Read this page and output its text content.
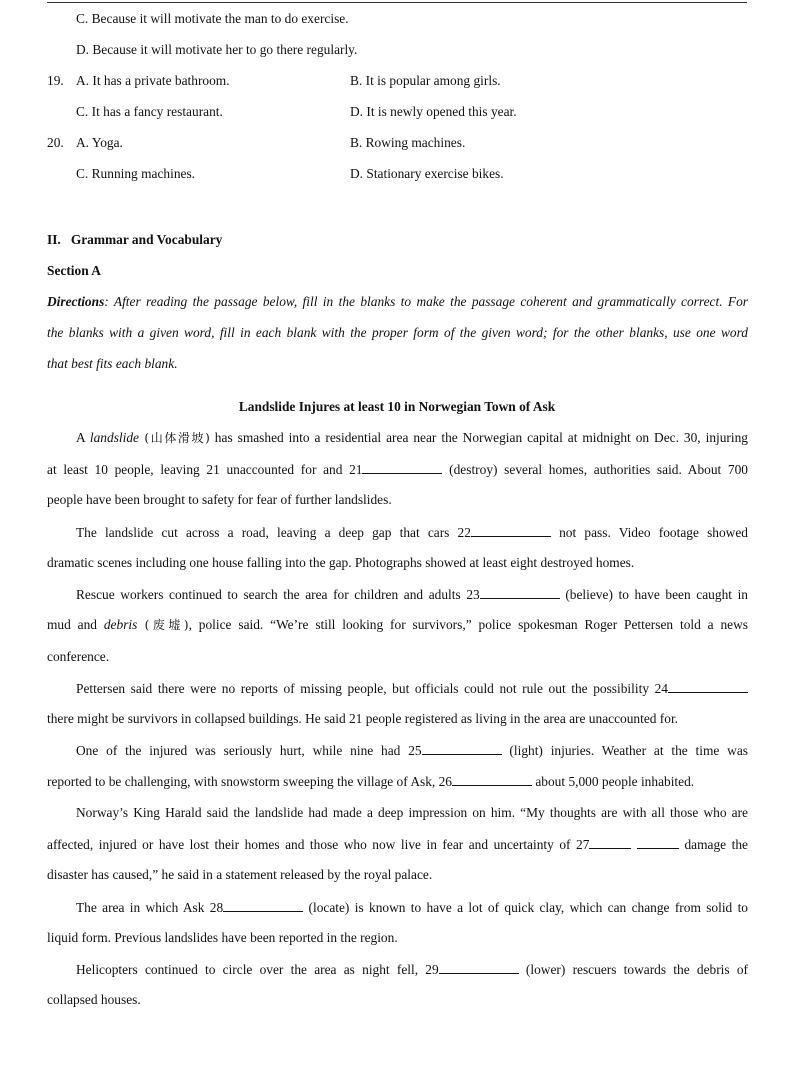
C. Because it will motivate the man to do exercise.
D. Because it will motivate her to go there regularly.
19. A. It has a private bathroom.	B. It is popular among girls.
C. It has a fancy restaurant.	D. It is newly opened this year.
20. A. Yoga.	B. Rowing machines.
C. Running machines.	D. Stationary exercise bikes.
II.   Grammar and Vocabulary
Section A
Directions: After reading the passage below, fill in the blanks to make the passage coherent and grammatically correct. For
the blanks with a given word, fill in each blank with the proper form of the given word; for the other blanks, use one word
that best fits each blank.
Landslide Injures at least 10 in Norwegian Town of Ask
A landslide (山体滑坡) has smashed into a residential area near the Norwegian capital at midnight on Dec. 30, injuring
at least 10 people, leaving 21 unaccounted for and 21	(destroy) several homes, authorities said. About 700
people have been brought to safety for fear of further landslides.
The landslide cut across a road, leaving a deep gap that cars 22	not pass. Video footage showed
dramatic scenes including one house falling into the gap. Photographs showed at least eight destroyed homes.
Rescue workers continued to search the area for children and adults 23	(believe) to have been caught in
mud and debris (废墟), police said. “We’re still looking for survivors,” police spokesman Roger Pettersen told a news
conference.
Pettersen said there were no reports of missing people, but officials could not rule out the possibility 24
there might be survivors in collapsed buildings. He said 21 people registered as living in the area are unaccounted for.
One of the injured was seriously hurt, while nine had 25	(light) injuries. Weather at the time was
reported to be challenging, with snowstorm sweeping the village of Ask, 26	about 5,000 people inhabited.
Norway’s King Harald said the landslide had made a deep impression on him. “My thoughts are with all those who are
affected, injured or have lost their homes and those who now live in fear and uncertainty of 27	damage the
disaster has caused,” he said in a statement released by the royal palace.
The area in which Ask 28	(locate) is known to have a lot of quick clay, which can change from solid to
liquid form. Previous landslides have been reported in the region.
Helicopters continued to circle over the area as night fell, 29	(lower) rescuers towards the debris of
collapsed houses.
